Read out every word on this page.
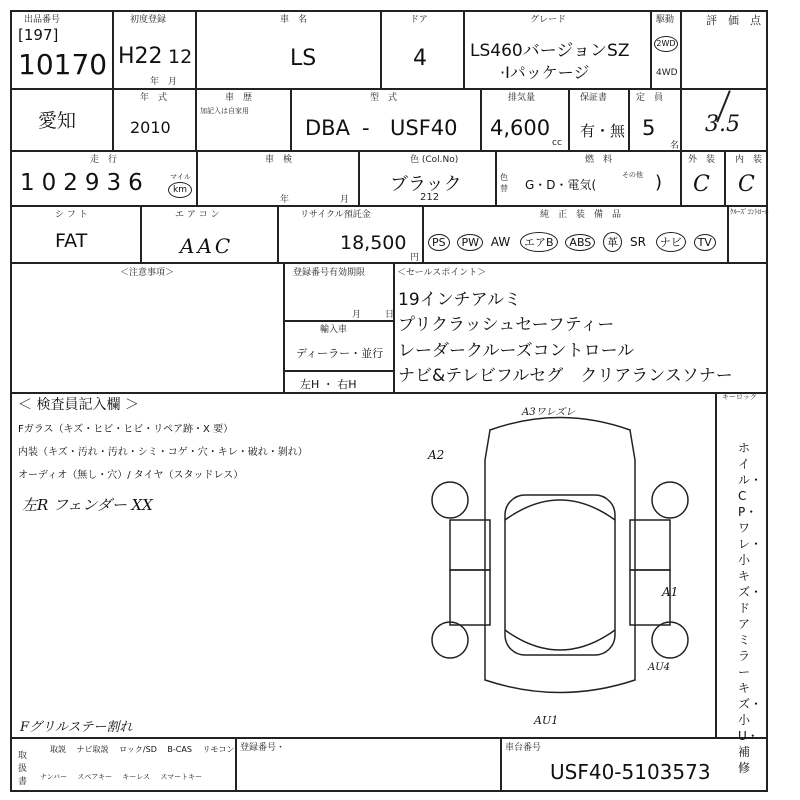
出品番号
[197]
10170
初度登録
H22 12
年　月
車　名
LS
ドア
4
グレード
LS460バージョンSZ
·Iパッケージ
駆動
2WD
4WD
評　価　点
3.5
愛知
年　式
2010
車　歴
加記入は自家用
型　式
DBA - USF40
排気量
4,600
cc
保証書
有・無
定　員
5
名
走　行
102936	マイル
km
車　検
年	月
色 (Col.No)
ブラック
212
色替
燃　料
G・D・電気(
その他 )
外　装
C
内　装
C
シ フ ト
FAT
エ ア コ ン
AAC
リサイクル預託金
18,500
円
純　正　装　備　品
PS PW AW エアB ABS 革 SR ナビ TV
ｸﾙｰｽﾞｺﾝﾄﾛｰﾙ
＜注意事項＞	登録番号有効期限
月	日
輸入車
ディーラー・並行
左H ・ 右H
＜セールスポイント＞
19インチアルミ
プリクラッシュセーフティー
レーダークルーズコントロール
ナビ&テレビフルセグ　クリアランスソナー
＜ 検査員記入欄 ＞
Fガラス（キズ・ヒビ・ヒビ・リペア跡・X 要）
内装（キズ・汚れ・汚れ・シミ・コゲ・穴・キレ・破れ・剝れ）
オーディオ（無し・穴）/ タイヤ（スタッドレス）
左R フェンダー XX
Fグリルステー割れ
キーロック
ホイル・CP・ワレ・小キズ・ドアミラーキズ・小U・補修
A3ワレズレ
A2
A1
AU4
AU1
取扱書
取説 ナビ取説 ロック/SD B-CAS リモコン
ナンバー スペアキー キーレス スマートキー
登録番号・	車台番号
USF40-5103573
